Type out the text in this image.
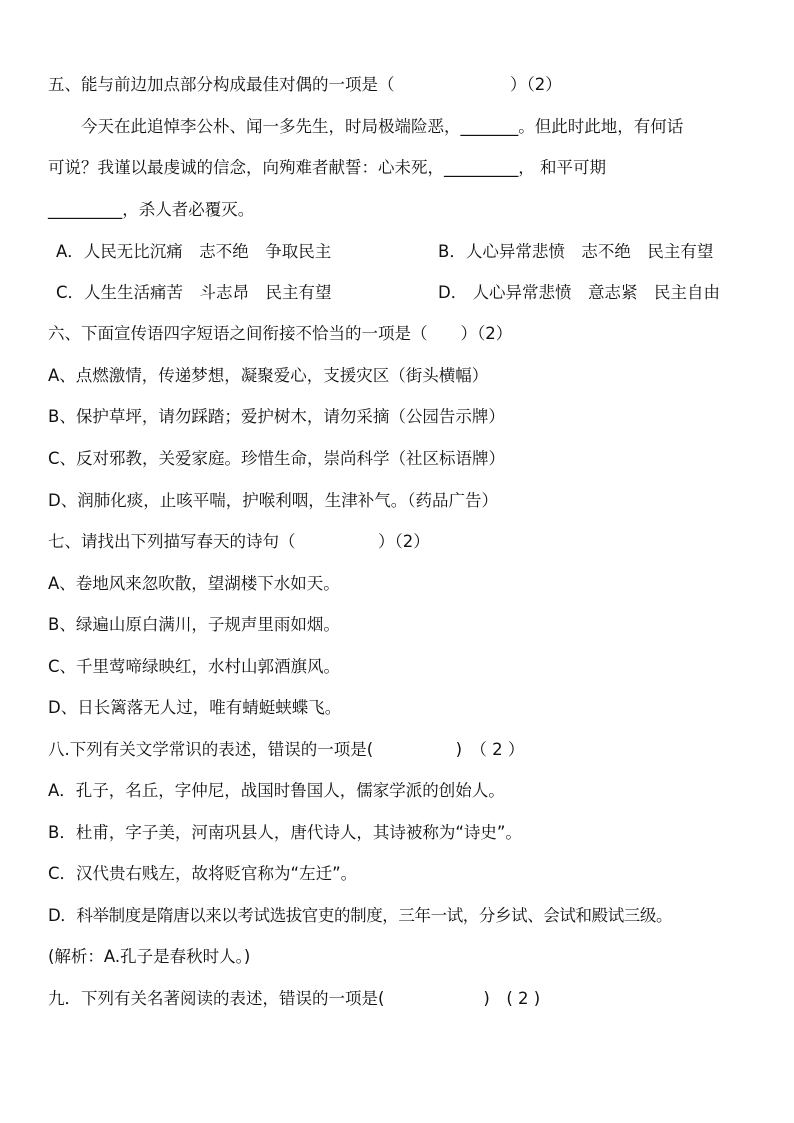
五、能与前边加点部分构成最佳对偶的一项是（　　　　　　　）（2）
　　今天在此追悼李公朴、闻一多先生，时局极端险恶，_______。但此时此地，有何话
可说？我谨以最虔诚的信念，向殉难者献誓：心未死，_________， 和平可期
_________，杀人者必覆灭。
A．人民无比沉痛　志不绝　争取民主	B．人心异常悲愤　志不绝　民主有望
C．人生生活痛苦　斗志昂　民主有望	D． 人心异常悲愤　意志紧　民主自由
六、下面宣传语四字短语之间衔接不恰当的一项是（　　）（2）
A、点燃激情，传递梦想，凝聚爱心，支援灾区（街头横幅）
B、保护草坪，请勿踩踏；爱护树木，请勿采摘（公园告示牌）
C、反对邪教，关爱家庭。珍惜生命，崇尚科学（社区标语牌）
D、润肺化痰，止咳平喘，护喉利咽，生津补气。（药品广告）
七、请找出下列描写春天的诗句（　　　　　）（2）
A、卷地风来忽吹散，望湖楼下水如天。
B、绿遍山原白满川，子规声里雨如烟。
C、千里莺啼绿映红，水村山郭酒旗风。
D、日长篱落无人过，唯有蜻蜓蛱蝶飞。
八.下列有关文学常识的表述，错误的一项是(　　　　　)　（ 2 ）
A．孔子，名丘，字仲尼，战国时鲁国人，儒家学派的创始人。
B．杜甫，字子美，河南巩县人，唐代诗人，其诗被称为“诗史”。
C．汉代贵右贱左，故将贬官称为“左迁”。
D．科举制度是隋唐以来以考试选拔官吏的制度，三年一试，分乡试、会试和殿试三级。
(解析：A.孔子是春秋时人。)
九．下列有关名著阅读的表述，错误的一项是(　　　　　　)　( 2 )
